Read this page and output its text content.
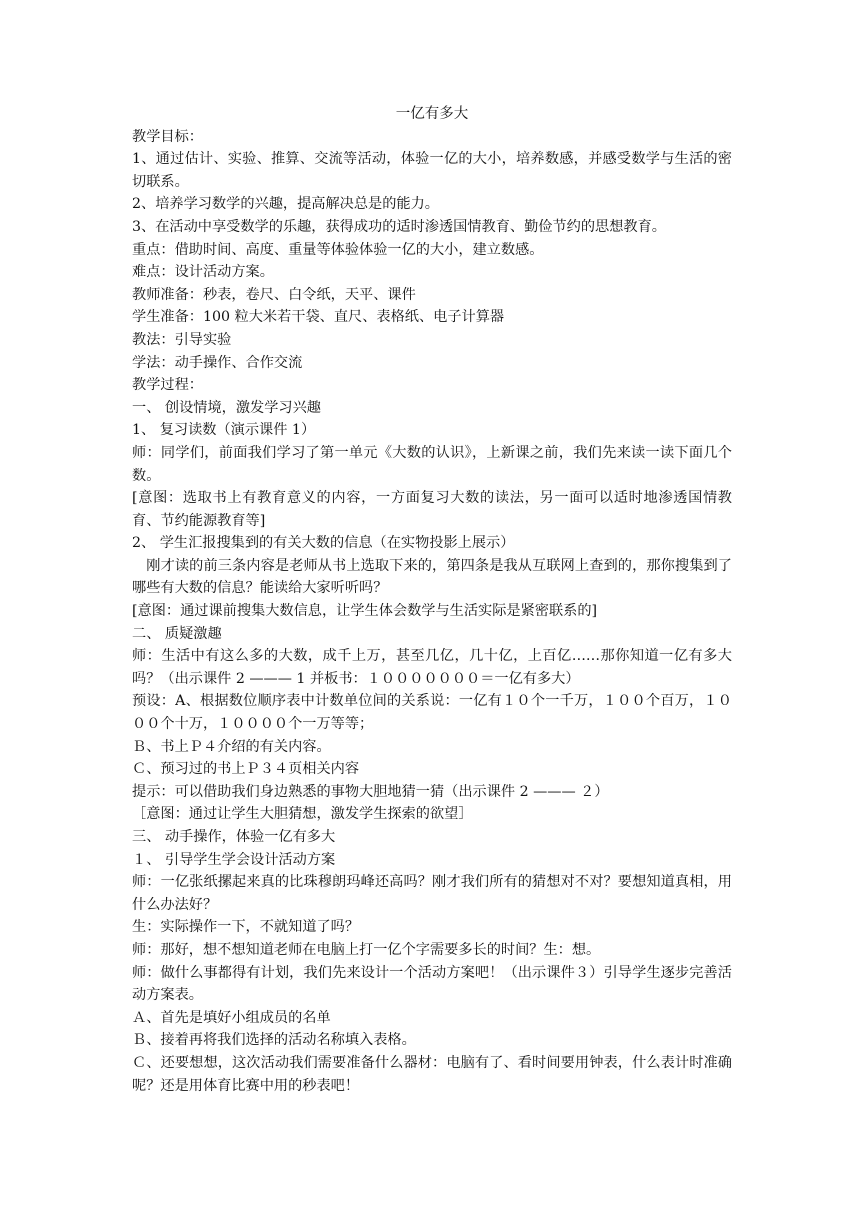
一亿有多大

教学目标：

1、通过估计、实验、推算、交流等活动，体验一亿的大小，培养数感，并感受数学与生活的密切联系。

2、培养学习数学的兴趣，提高解决总是的能力。

3、在活动中享受数学的乐趣，获得成功的适时渗透国情教育、勤俭节约的思想教育。

重点：借助时间、高度、重量等体验体验一亿的大小，建立数感。

难点：设计活动方案。

教师准备：秒表，卷尺、白令纸，天平、课件

学生准备：100 粒大米若干袋、直尺、表格纸、电子计算器

教法：引导实验

学法：动手操作、合作交流

教学过程：

一、 创设情境，激发学习兴趣

1、 复习读数（演示课件 1）

师：同学们，前面我们学习了第一单元《大数的认识》，上新课之前，我们先来读一读下面几个数。

[意图：选取书上有教育意义的内容，一方面复习大数的读法，另一面可以适时地渗透国情教育、节约能源教育等]

2、 学生汇报搜集到的有关大数的信息（在实物投影上展示）

　刚才读的前三条内容是老师从书上选取下来的，第四条是我从互联网上查到的，那你搜集到了哪些有大数的信息？能读给大家听听吗？

[意图：通过课前搜集大数信息，让学生体会数学与生活实际是紧密联系的]

二、 质疑激趣

师：生活中有这么多的大数，成千上万，甚至几亿，几十亿，上百亿……那你知道一亿有多大吗？（出示课件 2 ——— 1 并板书：１０００００００＝一亿有多大）

预设：A、根据数位顺序表中计数单位间的关系说：一亿有１０个一千万，１００个百万，１０００个十万，１００００个一万等等；

Ｂ、书上Ｐ４介绍的有关内容。

Ｃ、预习过的书上Ｐ３４页相关内容

提示：可以借助我们身边熟悉的事物大胆地猜一猜（出示课件 2 ——— ２）

［意图：通过让学生大胆猜想，激发学生探索的欲望］

三、 动手操作，体验一亿有多大

１、 引导学生学会设计活动方案

师：一亿张纸摞起来真的比珠穆朗玛峰还高吗？刚才我们所有的猜想对不对？要想知道真相，用什么办法好？

生：实际操作一下，不就知道了吗？

师：那好，想不想知道老师在电脑上打一亿个字需要多长的时间？生：想。

师：做什么事都得有计划，我们先来设计一个活动方案吧！（出示课件３）引导学生逐步完善活动方案表。

Ａ、首先是填好小组成员的名单

Ｂ、接着再将我们选择的活动名称填入表格。

Ｃ、还要想想，这次活动我们需要准备什么器材：电脑有了、看时间要用钟表，什么表计时准确呢？还是用体育比赛中用的秒表吧！
